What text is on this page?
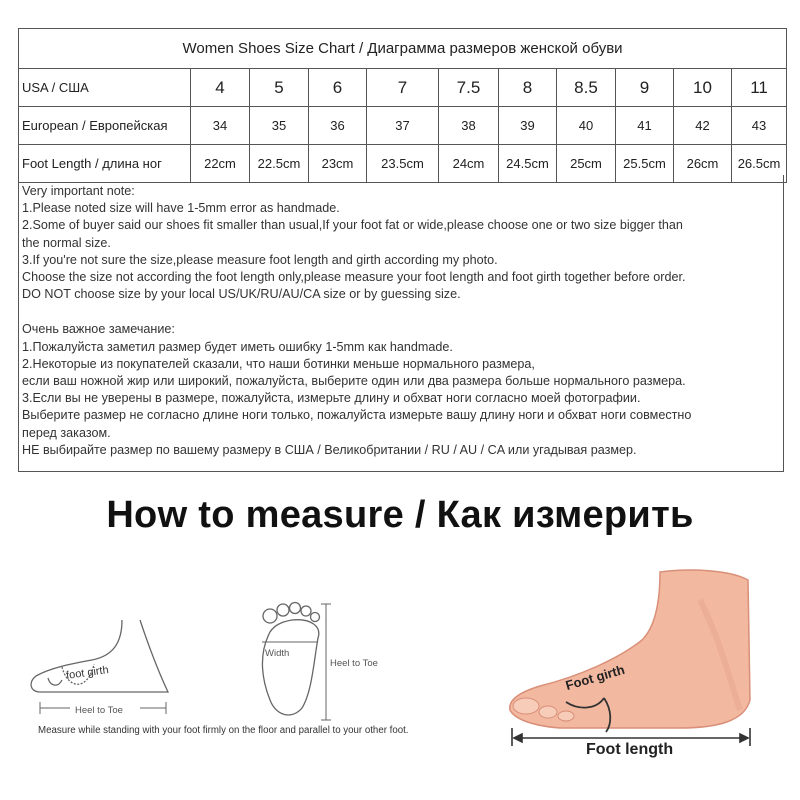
Women Shoes Size Chart / Диаграмма размеров женской обуви										
USA / США	4	5	6	7	7.5	8	8.5	9	10	11
European / Европейская	34	35	36	37	38	39	40	41	42	43
Foot Length / длина ног	22cm	22.5cm	23cm	23.5cm	24cm	24.5cm	25cm	25.5cm	26cm	26.5cm
Very important note:
1.Please noted size will have 1-5mm error as handmade.
2.Some of buyer said our shoes fit smaller than usual,If your foot fat or wide,please choose one or two size bigger than
the normal size.
3.If you're not sure the size,please measure foot length and girth according my photo.
Choose the size not according the foot length only,please measure your foot length and foot girth together before order.
DO NOT choose size by your local US/UK/RU/AU/CA size or by guessing size.
Очень важное замечание:
1.Пожалуйста заметил размер будет иметь ошибку 1-5mm как handmade.
2.Некоторые из покупателей сказали, что наши ботинки меньше нормального размера,
если ваш ножной жир или широкий, пожалуйста, выберите один или два размера больше нормального размера.
3.Если вы не уверены в размере, пожалуйста, измерьте длину и обхват ноги согласно моей фотографии.
Выберите размер не согласно длине ноги только, пожалуйста измерьте вашу длину ноги и обхват ноги совместно
перед заказом.
НЕ выбирайте размер по вашему размеру в США / Великобритании / RU / AU / CA или угадывая размер.
How to measure / Как измерить
foot girth
Heel to Toe
Width
Heel to Toe
Measure while standing with your foot firmly on the floor and parallel to your other foot.
Foot girth
Foot length
